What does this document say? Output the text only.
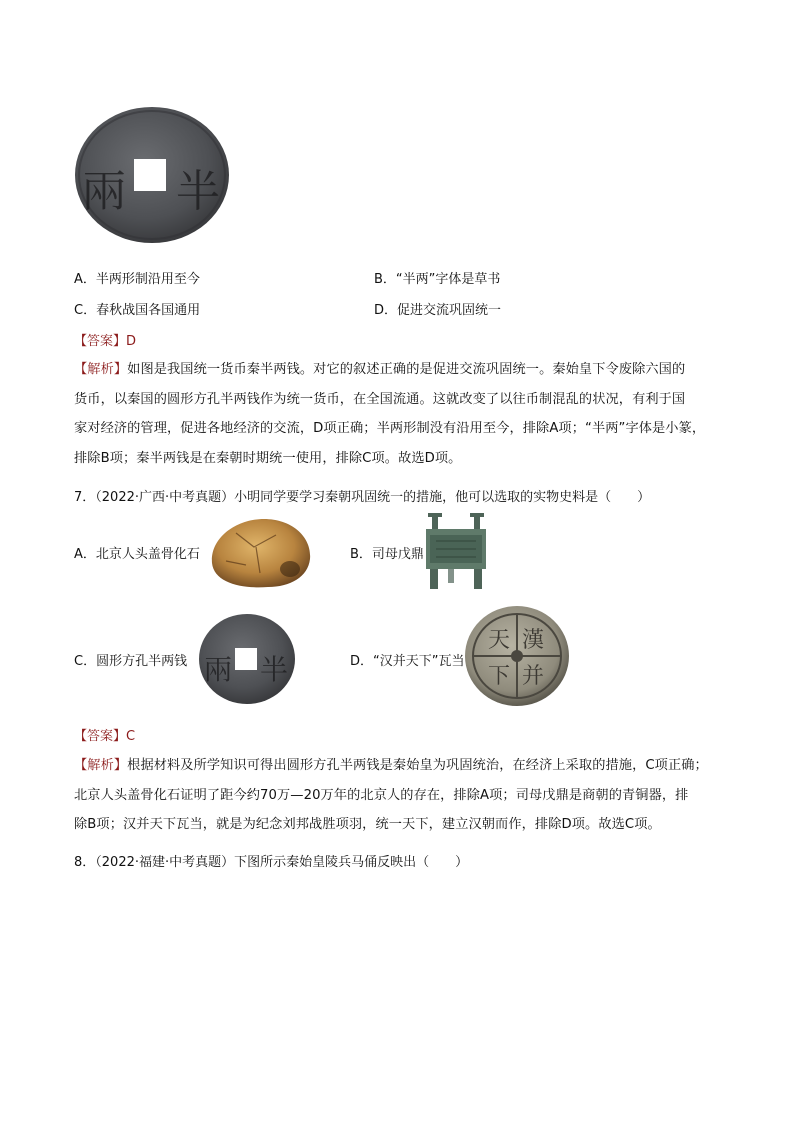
兩 半
A．半两形制沿用至今	B．“半两”字体是草书
C．春秋战国各国通用	D．促进交流巩固统一
【答案】D
【解析】如图是我国统一货币秦半两钱。对它的叙述正确的是促进交流巩固统一。秦始皇下令废除六国的
货币，以秦国的圆形方孔半两钱作为统一货币，在全国流通。这就改变了以往币制混乱的状况，有利于国
家对经济的管理，促进各地经济的交流，D项正确；半两形制没有沿用至今，排除A项；“半两”字体是小篆，
排除B项；秦半两钱是在秦朝时期统一使用，排除C项。故选D项。
7．（2022·广西·中考真题）小明同学要学习秦朝巩固统一的措施，他可以选取的实物史料是（　　）
A．北京人头盖骨化石	B．司母戊鼎
C．圆形方孔半两钱 兩 半	D．“汉并天下”瓦当
漢
并
天
下
【答案】C
【解析】根据材料及所学知识可得出圆形方孔半两钱是秦始皇为巩固统治，在经济上采取的措施，C项正确；
北京人头盖骨化石证明了距今约70万—20万年的北京人的存在，排除A项；司母戊鼎是商朝的青铜器，排
除B项；汉并天下瓦当，就是为纪念刘邦战胜项羽，统一天下，建立汉朝而作，排除D项。故选C项。
8．（2022·福建·中考真题）下图所示秦始皇陵兵马俑反映出（　　）
